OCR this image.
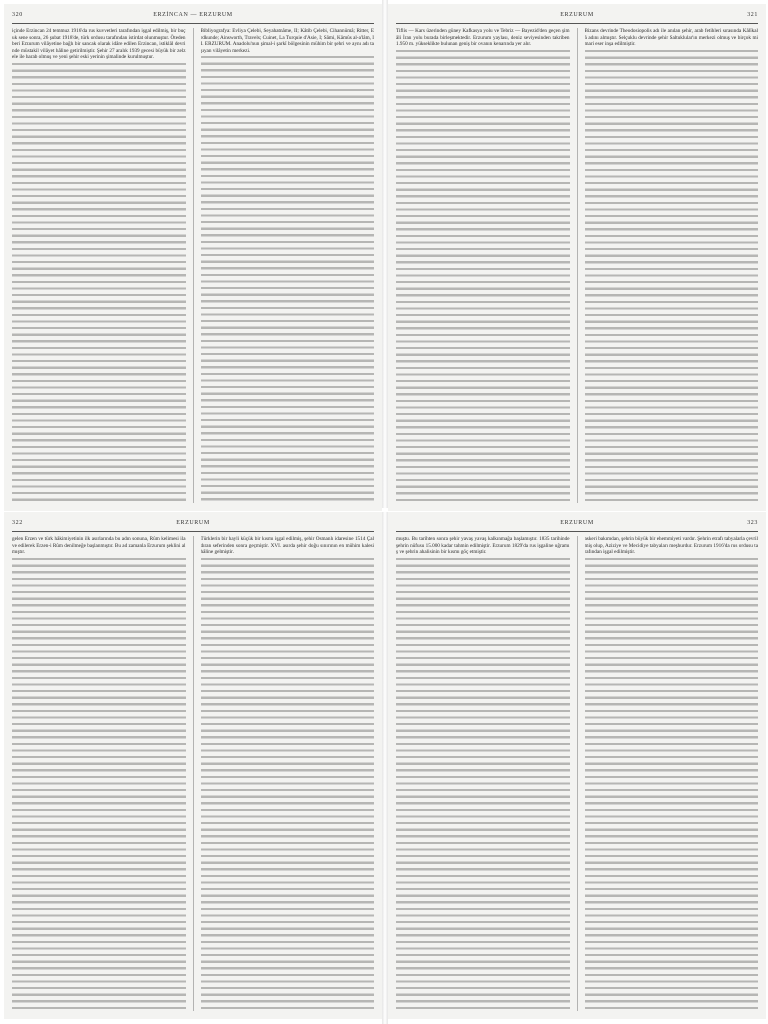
320	ERZİNCAN — ERZURUM
içinde Erzincan 24 temmuz 1916'da rus kuvvetleri tarafından işgal edilmiş, bir buçuk sene sonra, 26 şubat 1918'de, türk ordusu tarafından istirdat olunmuştur. Ötedenberi Erzurum vilâyetine bağlı bir sancak olarak idâre edilen Erzincan, istiklâl devrinde müstakil vilâyet hâline getirilmiştir. Şehir 27 aralık 1939 gecesi büyük bir zelzele ile harab olmuş ve yeni şehir eski yerinin şimalinde kurulmuştur.
Bibliyografya: Evliya Çelebi, Seyahatnâme, II; Kâtib Çelebi, Cihannümâ; Ritter, Erdkunde; Ainsworth, Travels; Cuinet, La Turquie d'Asie, I; Sâmi, Kâmûs al-a'lâm, II. ERZURUM. Anadolu'nun şimal-i şarkî bölgesinin mühim bir şehri ve aynı adı taşıyan vilâyetin merkezi.
ERZURUM	321
Tiflis — Kars üzerinden güney Kafkasya yolu ve Tebriz — Bayezid'den geçen şimâli İran yolu burada birleşmektedir. Erzurum yaylası, deniz seviyesinden takriben 1.950 m. yükseklikte bulunan geniş bir ovanın kenarında yer alır.
Bizans devrinde Theodosiopolis adı ile anılan şehir, arab fetihleri sırasında Kâlîkalâ adını almıştır. Selçuklu devrinde şehir Saltuklular'ın merkezi olmuş ve birçok mimari eser inşa edilmiştir.
322	ERZURUM
gelen Erzen ve türk hâkimiyetinin ilk asırlarında bu adın sonuna, Rûm kelimesi ilave edilerek Erzen-i Rûm denilmeğe başlanmıştır. Bu ad zamanla Erzurum şeklini almıştır.
Türklerin bir hayli küçük bir kısmı işgal edilmiş, şehir Osmanlı idaresine 1514 Çaldıran seferinden sonra geçmiştir. XVI. asırda şehir doğu sınırının en mühim kalesi hâline gelmiştir.
ERZURUM	323
muştu. Bu tarihten sonra şehir yavaş yavaş kalkınmağa başlamıştır. 1835 tarihinde şehrin nüfusu 15.000 kadar tahmin edilmiştir. Erzurum 1829'da rus işgaline uğramış ve şehrin ahalisinin bir kısmı göç etmiştir.
askeri bakımdan, şehrin büyük bir ehemmiyeti vardır. Şehrin etrafı tabyalarla çevrilmiş olup, Aziziye ve Mecidiye tabyaları meşhurdur. Erzurum 1916'da rus ordusu tarafından işgal edilmiştir.
